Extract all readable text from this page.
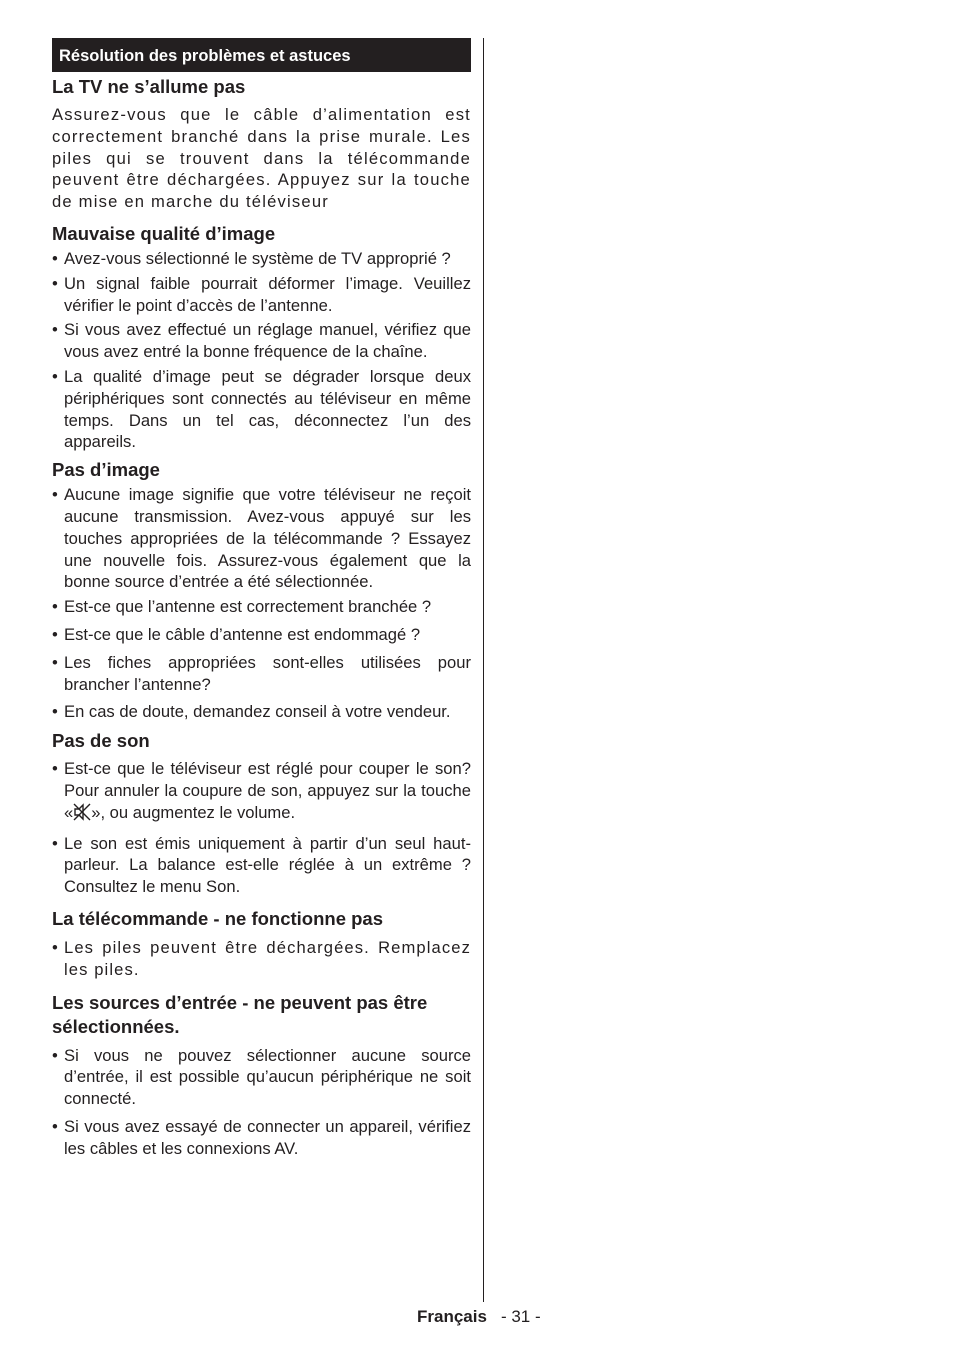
Résolution des problèmes et astuces
La TV ne s’allume pas

Assurez-vous que le câble d’alimentation est correctement branché dans la prise murale. Les piles qui se trouvent dans la télécommande peuvent être déchargées. Appuyez sur la touche de mise en marche du téléviseur

Mauvaise qualité d’image
• Avez-vous sélectionné le système de TV approprié ?
• Un signal faible pourrait déformer l’image. Veuillez vérifier le point d’accès de l’antenne.
• Si vous avez effectué un réglage manuel, vérifiez que vous avez entré la bonne fréquence de la chaîne.
• La qualité d’image peut se dégrader lorsque deux périphériques sont connectés au téléviseur en même temps. Dans un tel cas, déconnectez l’un des appareils.
Pas d’image
• Aucune image signifie que votre téléviseur ne reçoit aucune transmission. Avez-vous appuyé sur les touches appropriées de la télécommande ? Essayez une nouvelle fois. Assurez-vous également que la bonne source d’entrée a été sélectionnée.
• Est-ce que l’antenne est correctement branchée ?
• Est-ce que le câble d’antenne est endommagé ?
• Les fiches appropriées sont-elles utilisées pour brancher l’antenne?
• En cas de doute, demandez conseil à votre vendeur.
Pas de son
• Est-ce que le téléviseur est réglé pour couper le son? Pour annuler la coupure de son, appuyez sur la touche « », ou augmentez le volume.
• Le son est émis uniquement à partir d’un seul haut-parleur. La balance est-elle réglée à un extrême ? Consultez le menu Son.
La télécommande - ne fonctionne pas
• Les piles peuvent être déchargées. Remplacez les piles.
Les sources d’entrée - ne peuvent pas être sélectionnées.
• Si vous ne pouvez sélectionner aucune source d’entrée, il est possible qu’aucun périphérique ne soit connecté.
• Si vous avez essayé de connecter un appareil, vérifiez les câbles et les connexions AV.
Français - 31 -
